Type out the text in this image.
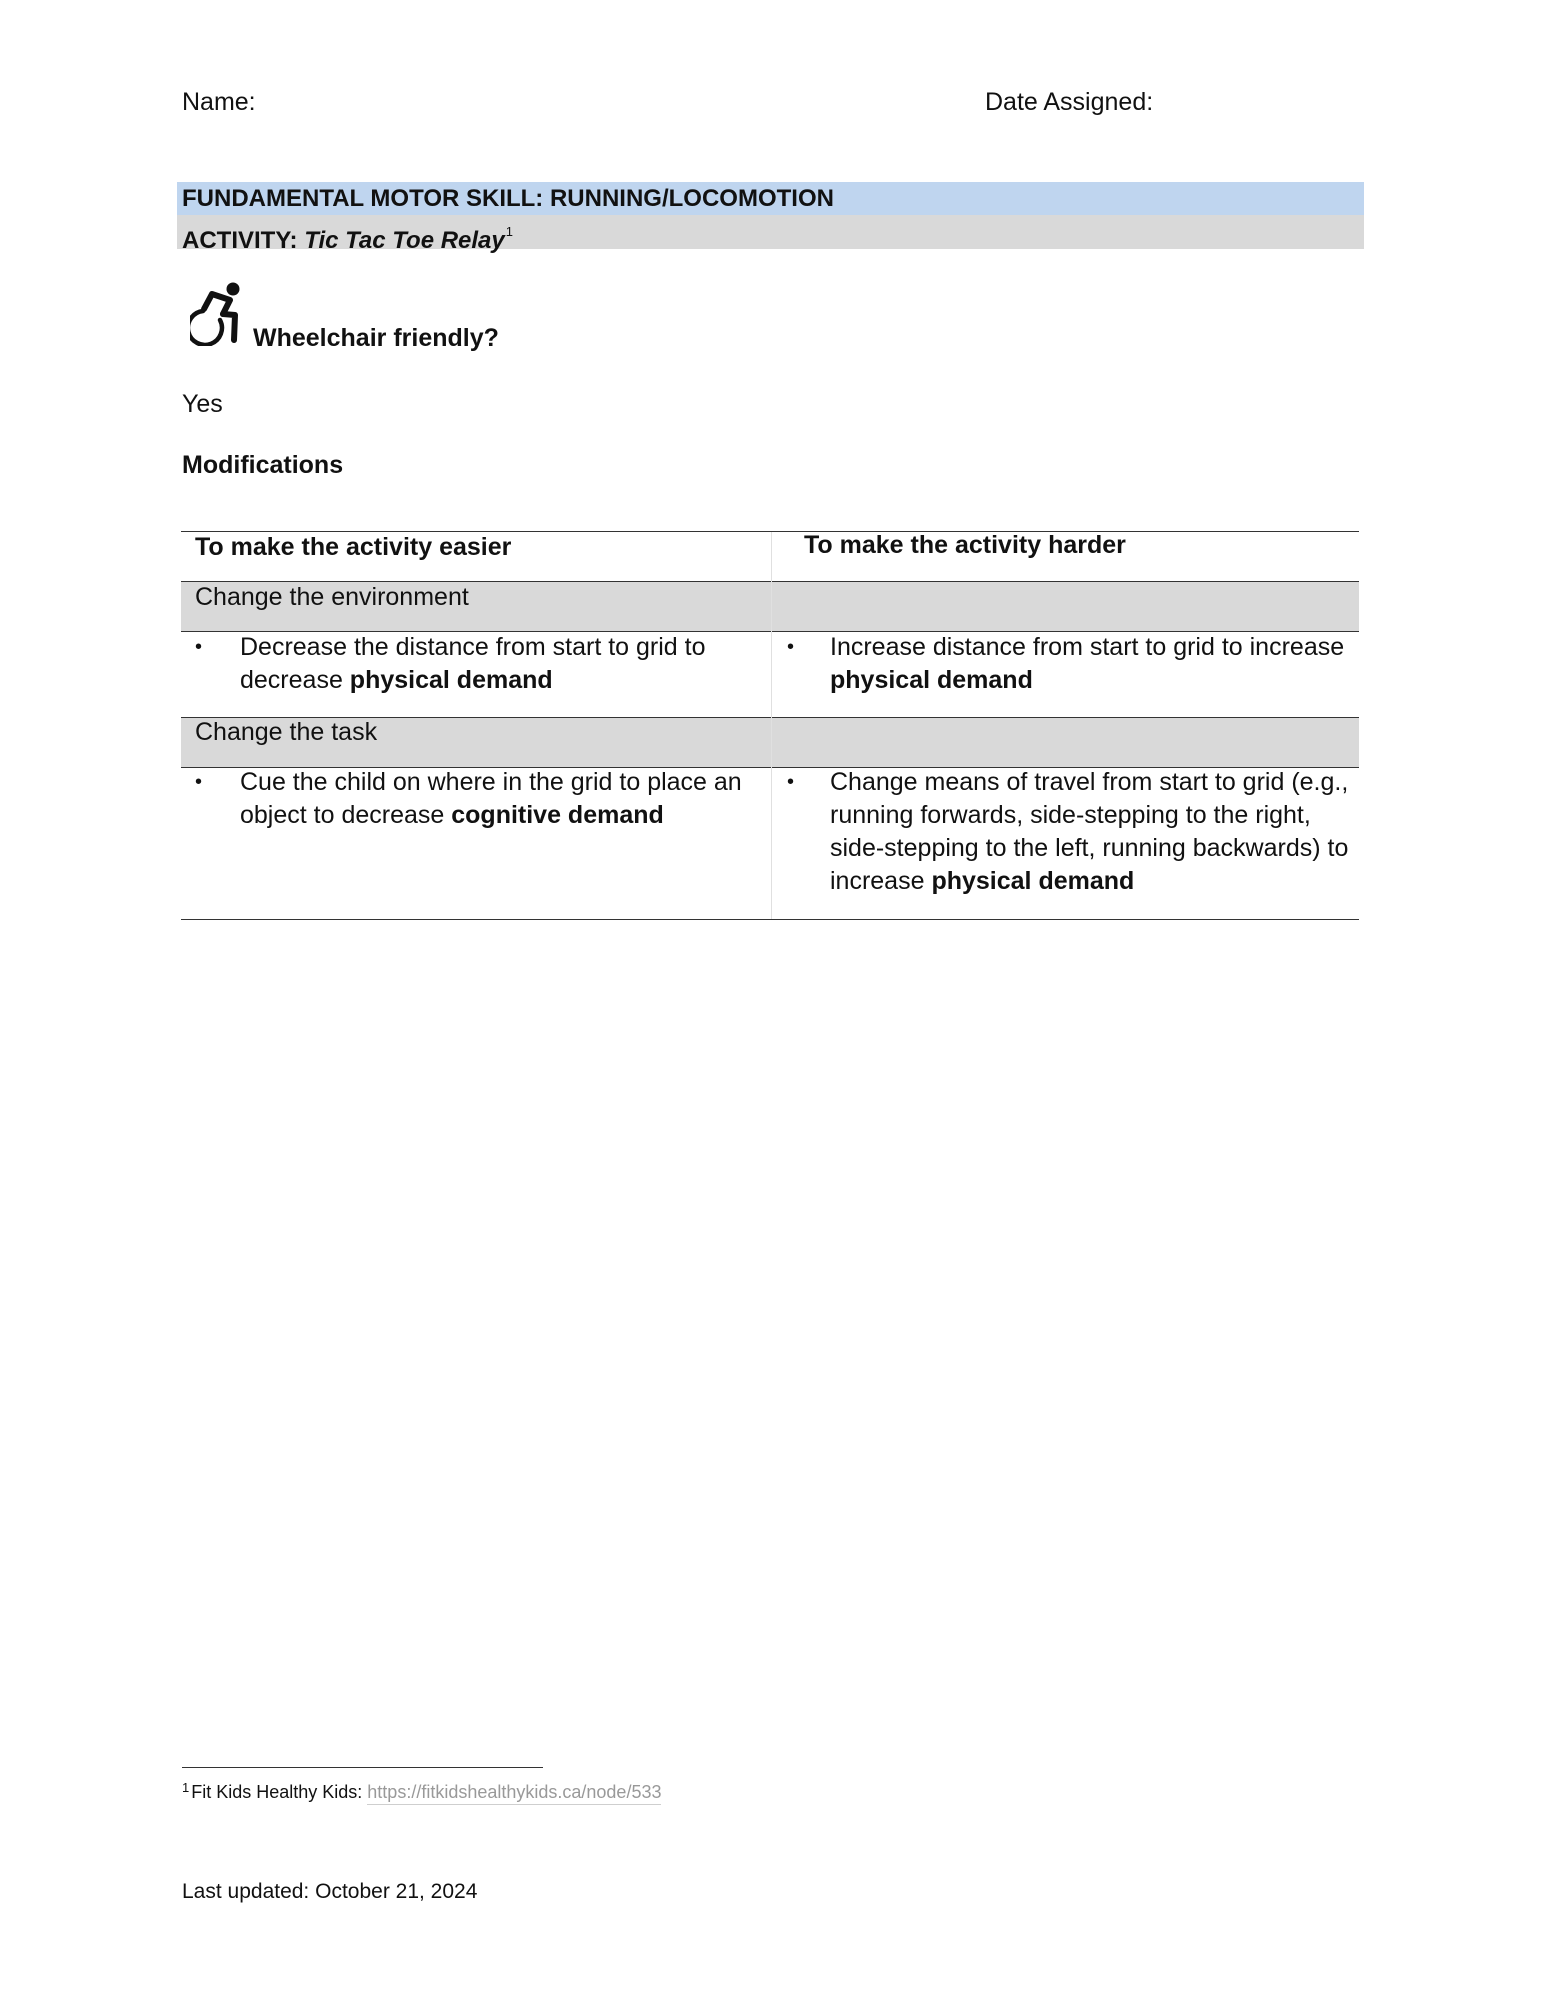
Name:	Date Assigned:
FUNDAMENTAL MOTOR SKILL: RUNNING/LOCOMOTION
ACTIVITY: Tic Tac Toe Relay$^1$
Wheelchair friendly?
Yes
Modifications
To make the activity easier	To make the activity harder
Change the environment
• Decrease the distance from start to grid to decrease physical demand
• Increase distance from start to grid to increase physical demand
Change the task
• Cue the child on where in the grid to place an object to decrease cognitive demand
• Change means of travel from start to grid (e.g., running forwards, side-stepping to the right, side-stepping to the left, running backwards) to increase physical demand
$^1$ Fit Kids Healthy Kids: https://fitkidshealthykids.ca/node/533
Last updated: October 21, 2024
